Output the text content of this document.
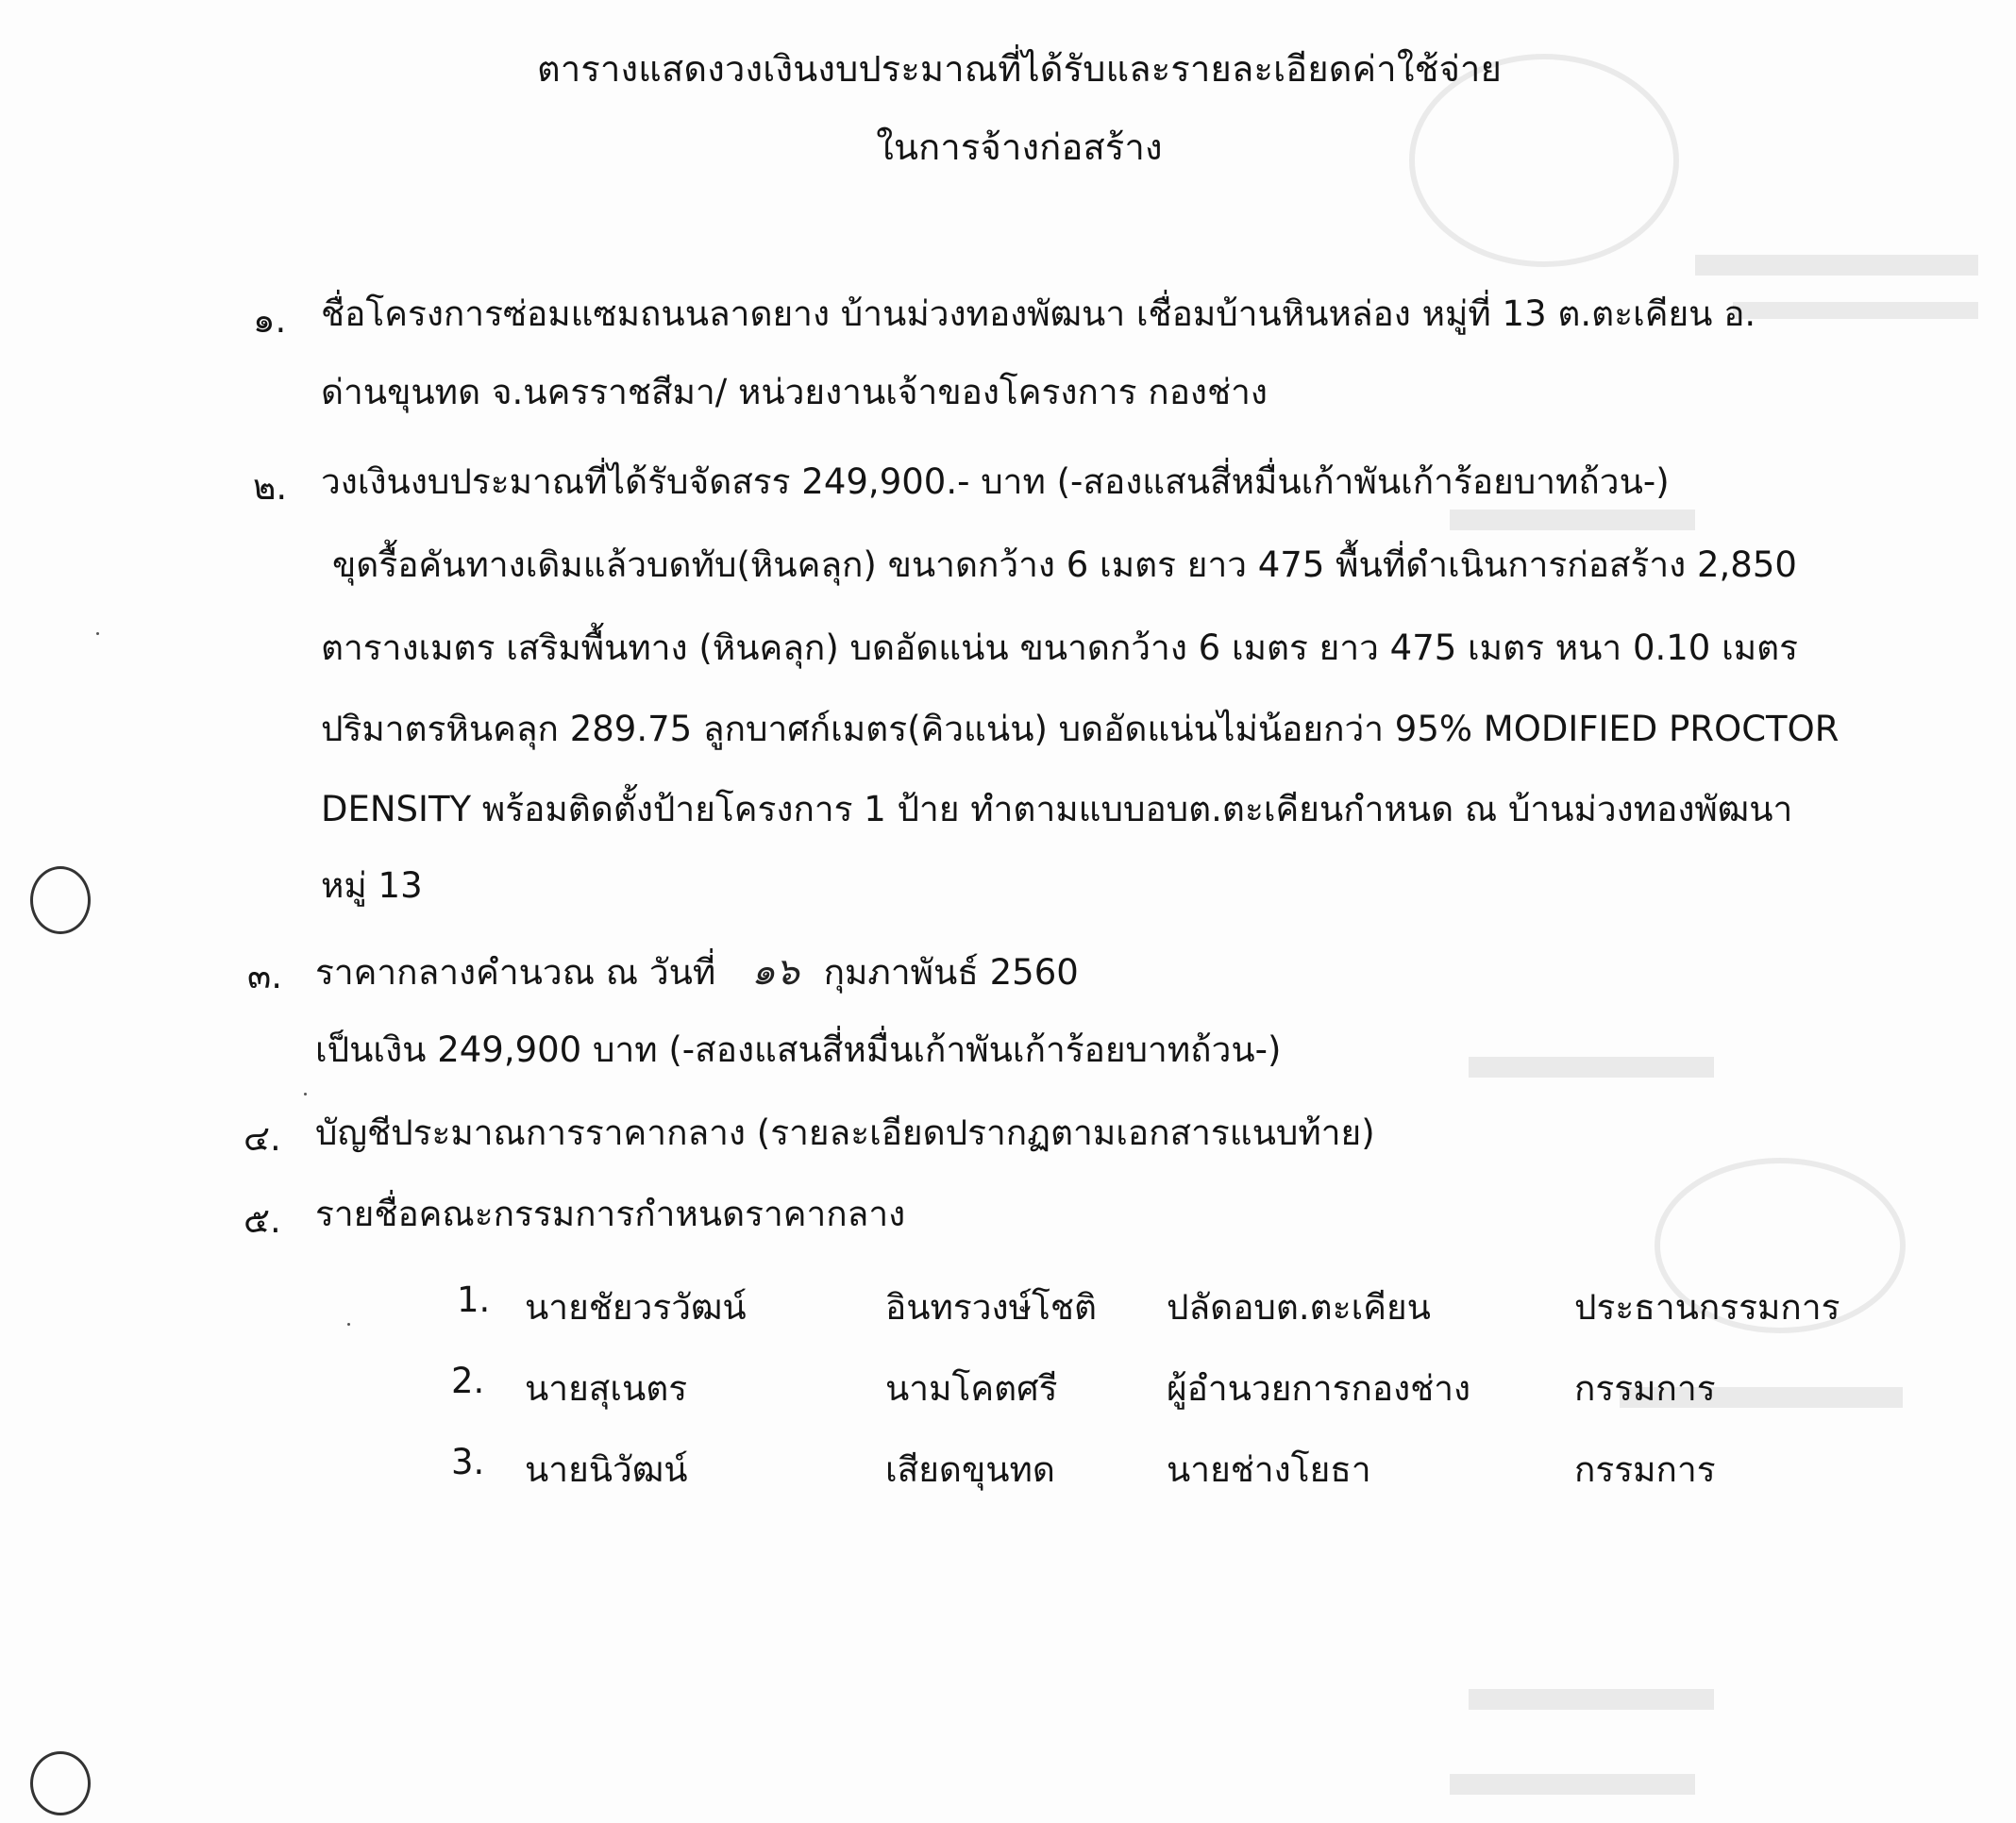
ตารางแสดงวงเงินงบประมาณที่ได้รับและรายละเอียดค่าใช้จ่าย
ในการจ้างก่อสร้าง
๑. ชื่อโครงการซ่อมแซมถนนลาดยาง บ้านม่วงทองพัฒนา เชื่อมบ้านหินหล่อง หมู่ที่ 13 ต.ตะเคียน อ.
ด่านขุนทด จ.นครราชสีมา/ หน่วยงานเจ้าของโครงการ กองช่าง
๒. วงเงินงบประมาณที่ได้รับจัดสรร 249,900.- บาท (-สองแสนสี่หมื่นเก้าพันเก้าร้อยบาทถ้วน-)
ขุดรื้อคันทางเดิมแล้วบดทับ(หินคลุก) ขนาดกว้าง 6 เมตร ยาว 475 พื้นที่ดำเนินการก่อสร้าง 2,850
ตารางเมตร เสริมพื้นทาง (หินคลุก) บดอัดแน่น ขนาดกว้าง 6 เมตร ยาว 475 เมตร หนา 0.10 เมตร
ปริมาตรหินคลุก 289.75 ลูกบาศก์เมตร(คิวแน่น) บดอัดแน่นไม่น้อยกว่า 95% MODIFIED PROCTOR
DENSITY พร้อมติดตั้งป้ายโครงการ 1 ป้าย ทำตามแบบอบต.ตะเคียนกำหนด ณ บ้านม่วงทองพัฒนา
หมู่ 13
๓. ราคากลางคำนวณ ณ วันที่ ๑๖ กุมภาพันธ์ 2560
เป็นเงิน 249,900 บาท (-สองแสนสี่หมื่นเก้าพันเก้าร้อยบาทถ้วน-)
๔. บัญชีประมาณการราคากลาง (รายละเอียดปรากฏตามเอกสารแนบท้าย)
๕. รายชื่อคณะกรรมการกำหนดราคากลาง
1. นายชัยวรวัฒน์	อินทรวงษ์โชติ ปลัดอบต.ตะเคียน	ประธานกรรมการ
2. นายสุเนตร	นามโคตศรี	ผู้อำนวยการกองช่าง	กรรมการ
3. นายนิวัฒน์	เสียดขุนทด	นายช่างโยธา	กรรมการ
